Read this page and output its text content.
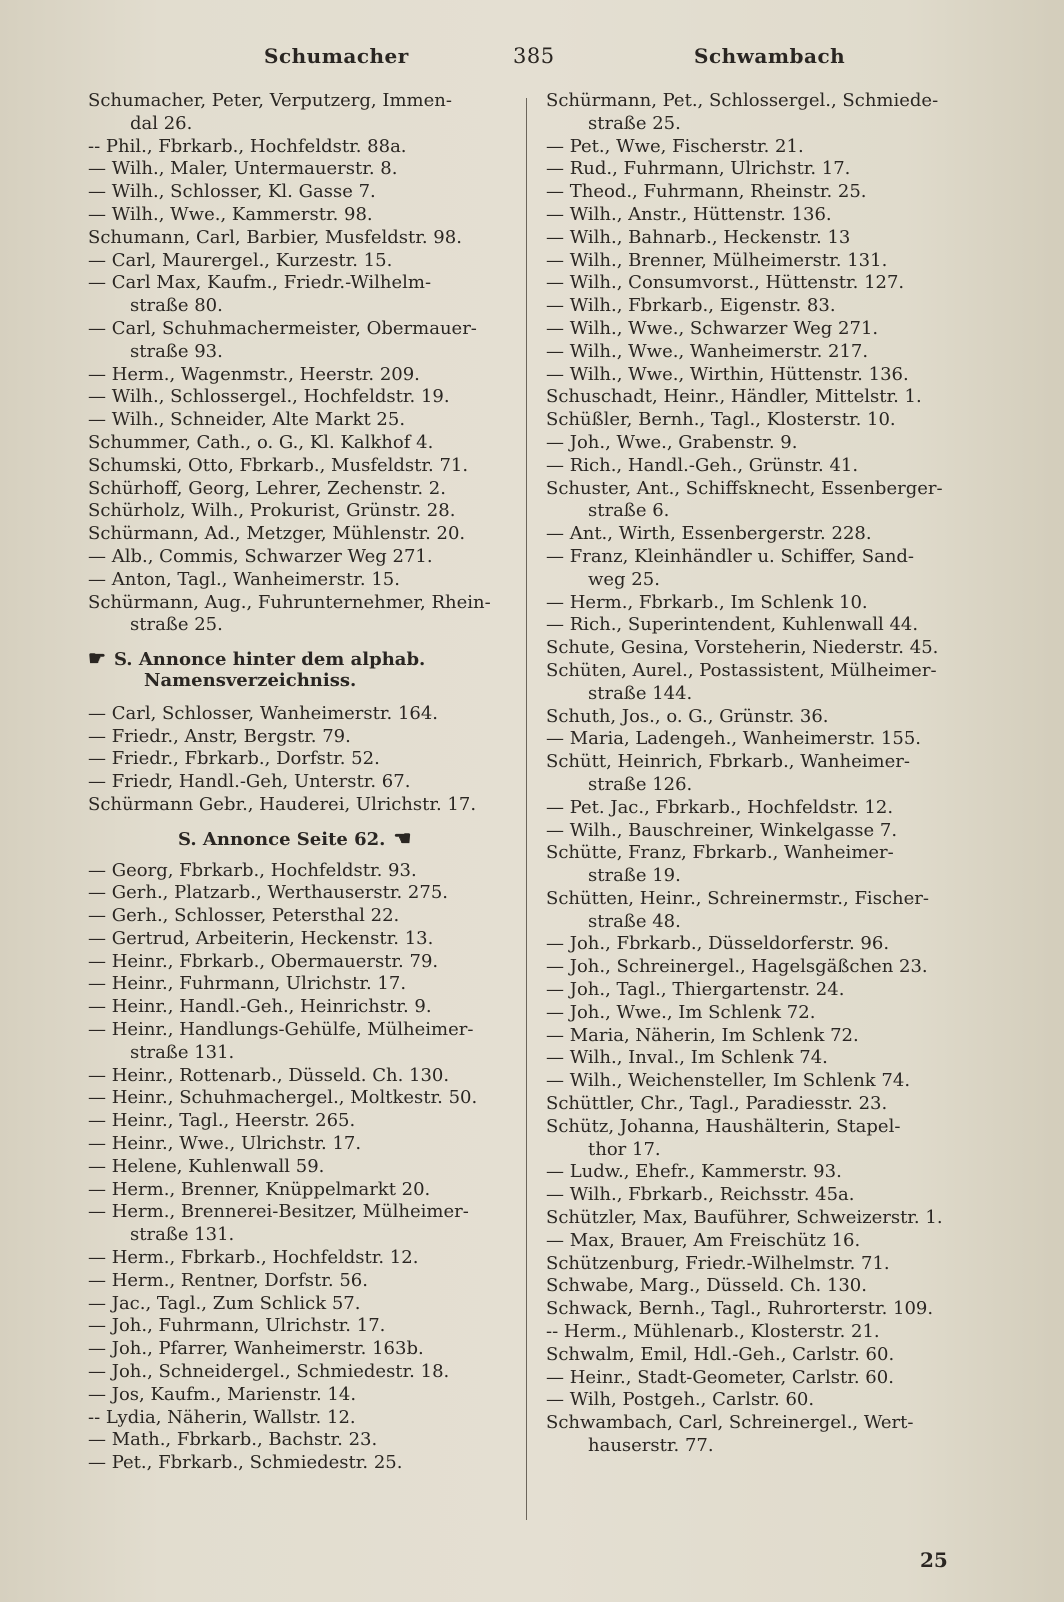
Schumacher	385	Schwambach
Schumacher, Peter, Verputzerg, Immen-
dal 26.
-- Phil., Fbrkarb., Hochfeldstr. 88a.
— Wilh., Maler, Untermauerstr. 8.
— Wilh., Schlosser, Kl. Gasse 7.
— Wilh., Wwe., Kammerstr. 98.
Schumann, Carl, Barbier, Musfeldstr. 98.
— Carl, Maurergel., Kurzestr. 15.
— Carl Max, Kaufm., Friedr.-Wilhelm-
straße 80.
— Carl, Schuhmachermeister, Obermauer-
straße 93.
— Herm., Wagenmstr., Heerstr. 209.
— Wilh., Schlossergel., Hochfeldstr. 19.
— Wilh., Schneider, Alte Markt 25.
Schummer, Cath., o. G., Kl. Kalkhof 4.
Schumski, Otto, Fbrkarb., Musfeldstr. 71.
Schürhoff, Georg, Lehrer, Zechenstr. 2.
Schürholz, Wilh., Prokurist, Grünstr. 28.
Schürmann, Ad., Metzger, Mühlenstr. 20.
— Alb., Commis, Schwarzer Weg 271.
— Anton, Tagl., Wanheimerstr. 15.
Schürmann, Aug., Fuhrunternehmer, Rhein-
straße 25.
☛ S. Annonce hinter dem alphab.
Namensverzeichniss.
— Carl, Schlosser, Wanheimerstr. 164.
— Friedr., Anstr, Bergstr. 79.
— Friedr., Fbrkarb., Dorfstr. 52.
— Friedr, Handl.-Geh, Unterstr. 67.
Schürmann Gebr., Hauderei, Ulrichstr. 17.
S. Annonce Seite 62. ☚
— Georg, Fbrkarb., Hochfeldstr. 93.
— Gerh., Platzarb., Werthauserstr. 275.
— Gerh., Schlosser, Petersthal 22.
— Gertrud, Arbeiterin, Heckenstr. 13.
— Heinr., Fbrkarb., Obermauerstr. 79.
— Heinr., Fuhrmann, Ulrichstr. 17.
— Heinr., Handl.-Geh., Heinrichstr. 9.
— Heinr., Handlungs-Gehülfe, Mülheimer-
straße 131.
— Heinr., Rottenarb., Düsseld. Ch. 130.
— Heinr., Schuhmachergel., Moltkestr. 50.
— Heinr., Tagl., Heerstr. 265.
— Heinr., Wwe., Ulrichstr. 17.
— Helene, Kuhlenwall 59.
— Herm., Brenner, Knüppelmarkt 20.
— Herm., Brennerei-Besitzer, Mülheimer-
straße 131.
— Herm., Fbrkarb., Hochfeldstr. 12.
— Herm., Rentner, Dorfstr. 56.
— Jac., Tagl., Zum Schlick 57.
— Joh., Fuhrmann, Ulrichstr. 17.
— Joh., Pfarrer, Wanheimerstr. 163b.
— Joh., Schneidergel., Schmiedestr. 18.
— Jos, Kaufm., Marienstr. 14.
-- Lydia, Näherin, Wallstr. 12.
— Math., Fbrkarb., Bachstr. 23.
— Pet., Fbrkarb., Schmiedestr. 25.
Schürmann, Pet., Schlossergel., Schmiede-
straße 25.
— Pet., Wwe, Fischerstr. 21.
— Rud., Fuhrmann, Ulrichstr. 17.
— Theod., Fuhrmann, Rheinstr. 25.
— Wilh., Anstr., Hüttenstr. 136.
— Wilh., Bahnarb., Heckenstr. 13
— Wilh., Brenner, Mülheimerstr. 131.
— Wilh., Consumvorst., Hüttenstr. 127.
— Wilh., Fbrkarb., Eigenstr. 83.
— Wilh., Wwe., Schwarzer Weg 271.
— Wilh., Wwe., Wanheimerstr. 217.
— Wilh., Wwe., Wirthin, Hüttenstr. 136.
Schuschadt, Heinr., Händler, Mittelstr. 1.
Schüßler, Bernh., Tagl., Klosterstr. 10.
— Joh., Wwe., Grabenstr. 9.
— Rich., Handl.-Geh., Grünstr. 41.
Schuster, Ant., Schiffsknecht, Essenberger-
straße 6.
— Ant., Wirth, Essenbergerstr. 228.
— Franz, Kleinhändler u. Schiffer, Sand-
weg 25.
— Herm., Fbrkarb., Im Schlenk 10.
— Rich., Superintendent, Kuhlenwall 44.
Schute, Gesina, Vorsteherin, Niederstr. 45.
Schüten, Aurel., Postassistent, Mülheimer-
straße 144.
Schuth, Jos., o. G., Grünstr. 36.
— Maria, Ladengeh., Wanheimerstr. 155.
Schütt, Heinrich, Fbrkarb., Wanheimer-
straße 126.
— Pet. Jac., Fbrkarb., Hochfeldstr. 12.
— Wilh., Bauschreiner, Winkelgasse 7.
Schütte, Franz, Fbrkarb., Wanheimer-
straße 19.
Schütten, Heinr., Schreinermstr., Fischer-
straße 48.
— Joh., Fbrkarb., Düsseldorferstr. 96.
— Joh., Schreinergel., Hagelsgäßchen 23.
— Joh., Tagl., Thiergartenstr. 24.
— Joh., Wwe., Im Schlenk 72.
— Maria, Näherin, Im Schlenk 72.
— Wilh., Inval., Im Schlenk 74.
— Wilh., Weichensteller, Im Schlenk 74.
Schüttler, Chr., Tagl., Paradiesstr. 23.
Schütz, Johanna, Haushälterin, Stapel-
thor 17.
— Ludw., Ehefr., Kammerstr. 93.
— Wilh., Fbrkarb., Reichsstr. 45a.
Schützler, Max, Bauführer, Schweizerstr. 1.
— Max, Brauer, Am Freischütz 16.
Schützenburg, Friedr.-Wilhelmstr. 71.
Schwabe, Marg., Düsseld. Ch. 130.
Schwack, Bernh., Tagl., Ruhrorterstr. 109.
-- Herm., Mühlenarb., Klosterstr. 21.
Schwalm, Emil, Hdl.-Geh., Carlstr. 60.
— Heinr., Stadt-Geometer, Carlstr. 60.
— Wilh, Postgeh., Carlstr. 60.
Schwambach, Carl, Schreinergel., Wert-
hauserstr. 77.
25
